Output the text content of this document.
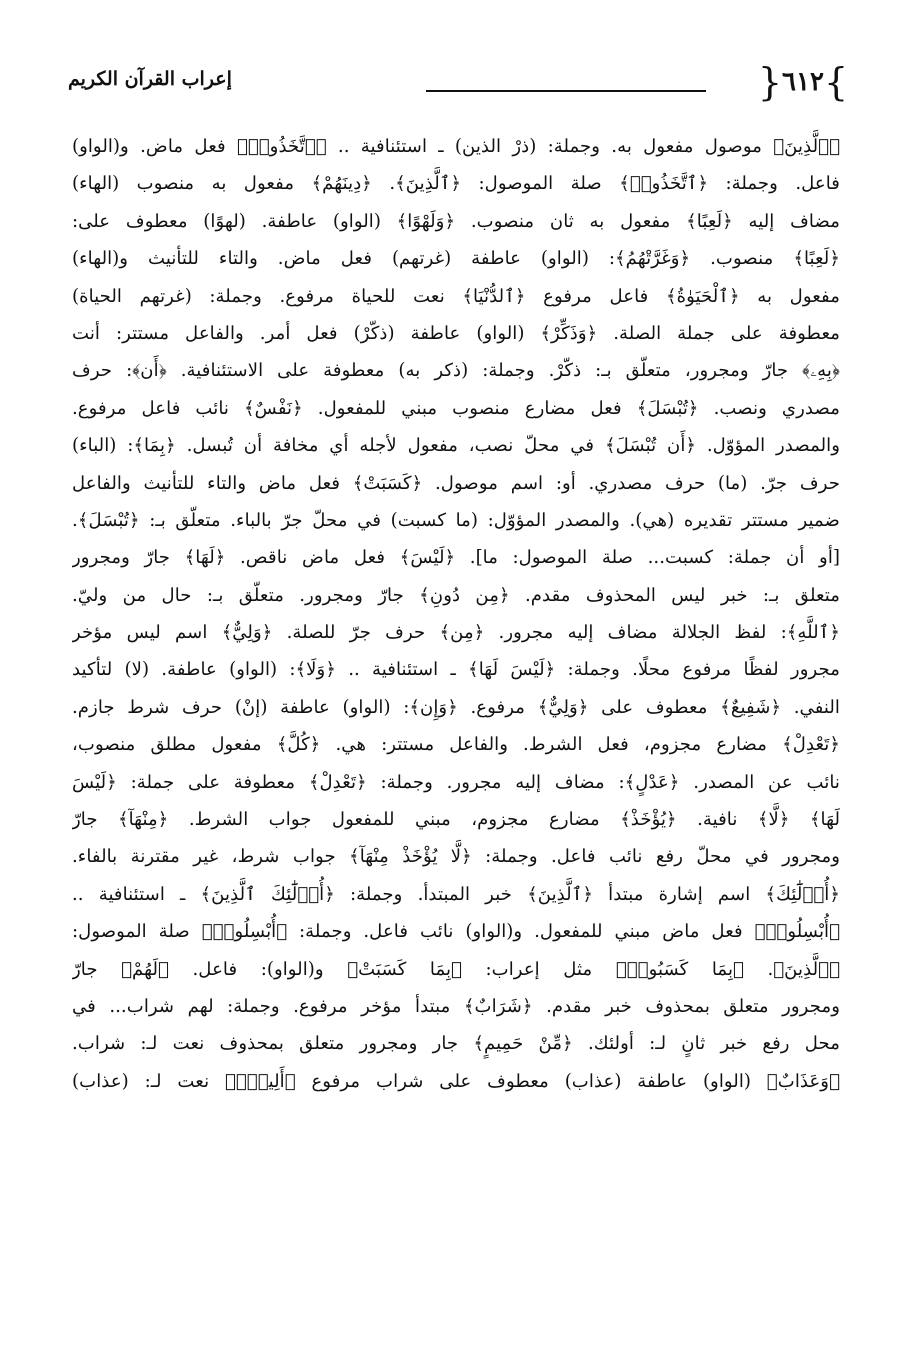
}
٦١٢
{
إعراب القرآن الكريم
﴿ٱلَّذِينَ﴾ موصول مفعول به. وجملة: (ذرْ الذين) ـ استئنافية .. ﴿ٱتَّخَذُوا۟﴾ فعل ماض. و(الواو)
فاعل. وجملة: ﴿ٱتَّخَذُوا۟﴾ صلة الموصول: ﴿ٱلَّذِينَ﴾. ﴿دِينَهُمْ﴾ مفعول به منصوب (الهاء)
مضاف إليه ﴿لَعِبًا﴾ مفعول به ثان منصوب. ﴿وَلَهْوًا﴾ (الواو) عاطفة. (لهوًا) معطوف على:
﴿لَعِبًا﴾ منصوب. ﴿وَغَرَّتْهُمُ﴾: (الواو) عاطفة (غرتهم) فعل ماض. والتاء للتأنيث و(الهاء)
مفعول به ﴿ٱلْحَيَوٰةُ﴾ فاعل مرفوع ﴿ٱلدُّنْيَا﴾ نعت للحياة مرفوع. وجملة: (غرتهم الحياة)
معطوفة على جملة الصلة. ﴿وَذَكِّرْ﴾ (الواو) عاطفة (ذكّرْ) فعل أمر. والفاعل مستتر: أنت
﴿بِهِۦ﴾ جارّ ومجرور، متعلّق بـ: ذكّرْ. وجملة: (ذكر به) معطوفة على الاستئنافية. ﴿أَن﴾: حرف
مصدري ونصب. ﴿تُبْسَلَ﴾ فعل مضارع منصوب مبني للمفعول. ﴿نَفْسٌ﴾ نائب فاعل مرفوع.
والمصدر المؤوّل. ﴿أَن تُبْسَلَ﴾ في محلّ نصب، مفعول لأجله أي مخافة أن تُبسل. ﴿بِمَا﴾: (الباء)
حرف جرّ. (ما) حرف مصدري. أو: اسم موصول. ﴿كَسَبَتْ﴾ فعل ماض والتاء للتأنيث والفاعل
ضمير مستتر تقديره (هي). والمصدر المؤوّل: (ما كسبت) في محلّ جرّ بالباء. متعلّق بـ: ﴿تُبْسَلَ﴾.
[أو أن جملة: كسبت... صلة الموصول: ما]. ﴿لَيْسَ﴾ فعل ماض ناقص. ﴿لَهَا﴾ جارّ ومجرور
متعلق بـ: خبر ليس المحذوف مقدم. ﴿مِن دُونِ﴾ جارّ ومجرور. متعلّق بـ: حال من وليّ.
﴿ٱللَّهِ﴾: لفظ الجلالة مضاف إليه مجرور. ﴿مِن﴾ حرف جرّ للصلة. ﴿وَلِيٌّ﴾ اسم ليس مؤخر
مجرور لفظًا مرفوع محلًا. وجملة: ﴿لَيْسَ لَهَا﴾ ـ استئنافية .. ﴿وَلَا﴾: (الواو) عاطفة. (لا) لتأكيد
النفي. ﴿شَفِيعٌ﴾ معطوف على ﴿وَلِيٌّ﴾ مرفوع. ﴿وَإِن﴾: (الواو) عاطفة (إنْ) حرف شرط جازم.
﴿تَعْدِلْ﴾ مضارع مجزوم، فعل الشرط. والفاعل مستتر: هي. ﴿كُلَّ﴾ مفعول مطلق منصوب،
نائب عن المصدر. ﴿عَدْلٍ﴾: مضاف إليه مجرور. وجملة: ﴿تَعْدِلْ﴾ معطوفة على جملة: ﴿لَيْسَ
لَهَا﴾ ﴿لَّا﴾ نافية. ﴿يُؤْخَذْ﴾ مضارع مجزوم، مبني للمفعول جواب الشرط. ﴿مِنْهَآ﴾ جارّ
ومجرور في محلّ رفع نائب فاعل. وجملة: ﴿لَّا يُؤْخَذْ مِنْهَآ﴾ جواب شرط، غير مقترنة بالفاء.
﴿أُو۟لَٰٓئِكَ﴾ اسم إشارة مبتدأ ﴿ٱلَّذِينَ﴾ خبر المبتدأ. وجملة: ﴿أُو۟لَٰٓئِكَ ٱلَّذِينَ﴾ ـ استئنافية ..
﴿أُبْسِلُوا۟﴾ فعل ماض مبني للمفعول. و(الواو) نائب فاعل. وجملة: ﴿أُبْسِلُوا۟﴾ صلة الموصول:
﴿ٱلَّذِينَ﴾. ﴿بِمَا كَسَبُوا۟﴾ مثل إعراب: ﴿بِمَا كَسَبَتْ﴾ و(الواو): فاعل. ﴿لَهُمْ﴾ جارّ
ومجرور متعلق بمحذوف خبر مقدم. ﴿شَرَابٌ﴾ مبتدأ مؤخر مرفوع. وجملة: لهم شراب... في
محل رفع خبر ثانٍ لـ: أولئك. ﴿مِّنْ حَمِيمٍ﴾ جار ومجرور متعلق بمحذوف نعت لـ: شراب.
﴿وَعَذَابٌ﴾ (الواو) عاطفة (عذاب) معطوف على شراب مرفوع ﴿أَلِيمٌۢ﴾ نعت لـ: (عذاب)
